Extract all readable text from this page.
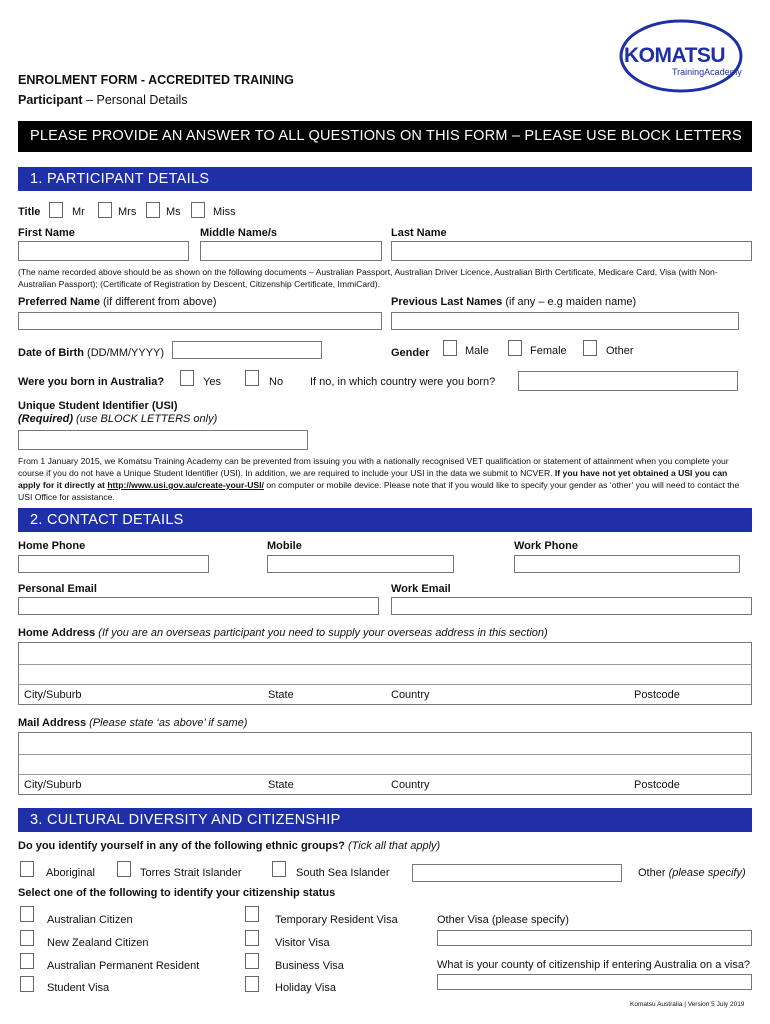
KOMATSU
TrainingAcademy
ENROLMENT FORM - ACCREDITED TRAINING
Participant – Personal Details
PLEASE PROVIDE AN ANSWER TO ALL QUESTIONS ON THIS FORM – PLEASE USE BLOCK LETTERS
1. PARTICIPANT DETAILS
Title	Mr	Mrs	Ms	Miss
First Name	Middle Name/s	Last Name
(The name recorded above should be as shown on the following documents – Australian Passport, Australian Driver Licence, Australian Birth Certificate, Medicare Card, Visa (with Non-Australian Passport); (Certificate of Registration by Descent, Citizenship Certificate, ImmiCard).
Preferred Name (if different from above)	Previous Last Names (if any – e.g maiden name)
Date of Birth (DD/MM/YYYY)	Gender	Male	Female	Other
Were you born in Australia?	Yes	No If no, in which country were you born?
Unique Student Identifier (USI)
(Required) (use BLOCK LETTERS only)
From 1 January 2015, we Komatsu Training Academy can be prevented from issuing you with a nationally recognised VET qualification or statement of attainment when you complete your course if you do not have a Unique Student Identifier (USI). In addition, we are required to include your USI in the data we submit to NCVER. If you have not yet obtained a USI you can apply for it directly at http://www.usi.gov.au/create-your-USI/ on computer or mobile device. Please note that if you would like to specify your gender as ‘other’ you will need to contact the USI Office for assistance.
2. CONTACT DETAILS
Home Phone	Mobile	Work Phone
Personal Email	Work Email
Home Address (If you are an overseas participant you need to supply your overseas address in this section)
City/Suburb	State	Country	Postcode
Mail Address (Please state ‘as above’ if same)
City/Suburb	State	Country	Postcode
3. CULTURAL DIVERSITY AND CITIZENSHIP
Do you identify yourself in any of the following ethnic groups? (Tick all that apply)
Aboriginal	Torres Strait Islander	South Sea Islander	Other (please specify)
Select one of the following to identify your citizenship status
Australian Citizen
New Zealand Citizen
Australian Permanent Resident
Student Visa
Temporary Resident Visa
Visitor Visa
Business Visa
Holiday Visa
Other Visa (please specify)
What is your county of citizenship if entering Australia on a visa?
Komatsu Australia | Version 5 July 2019
